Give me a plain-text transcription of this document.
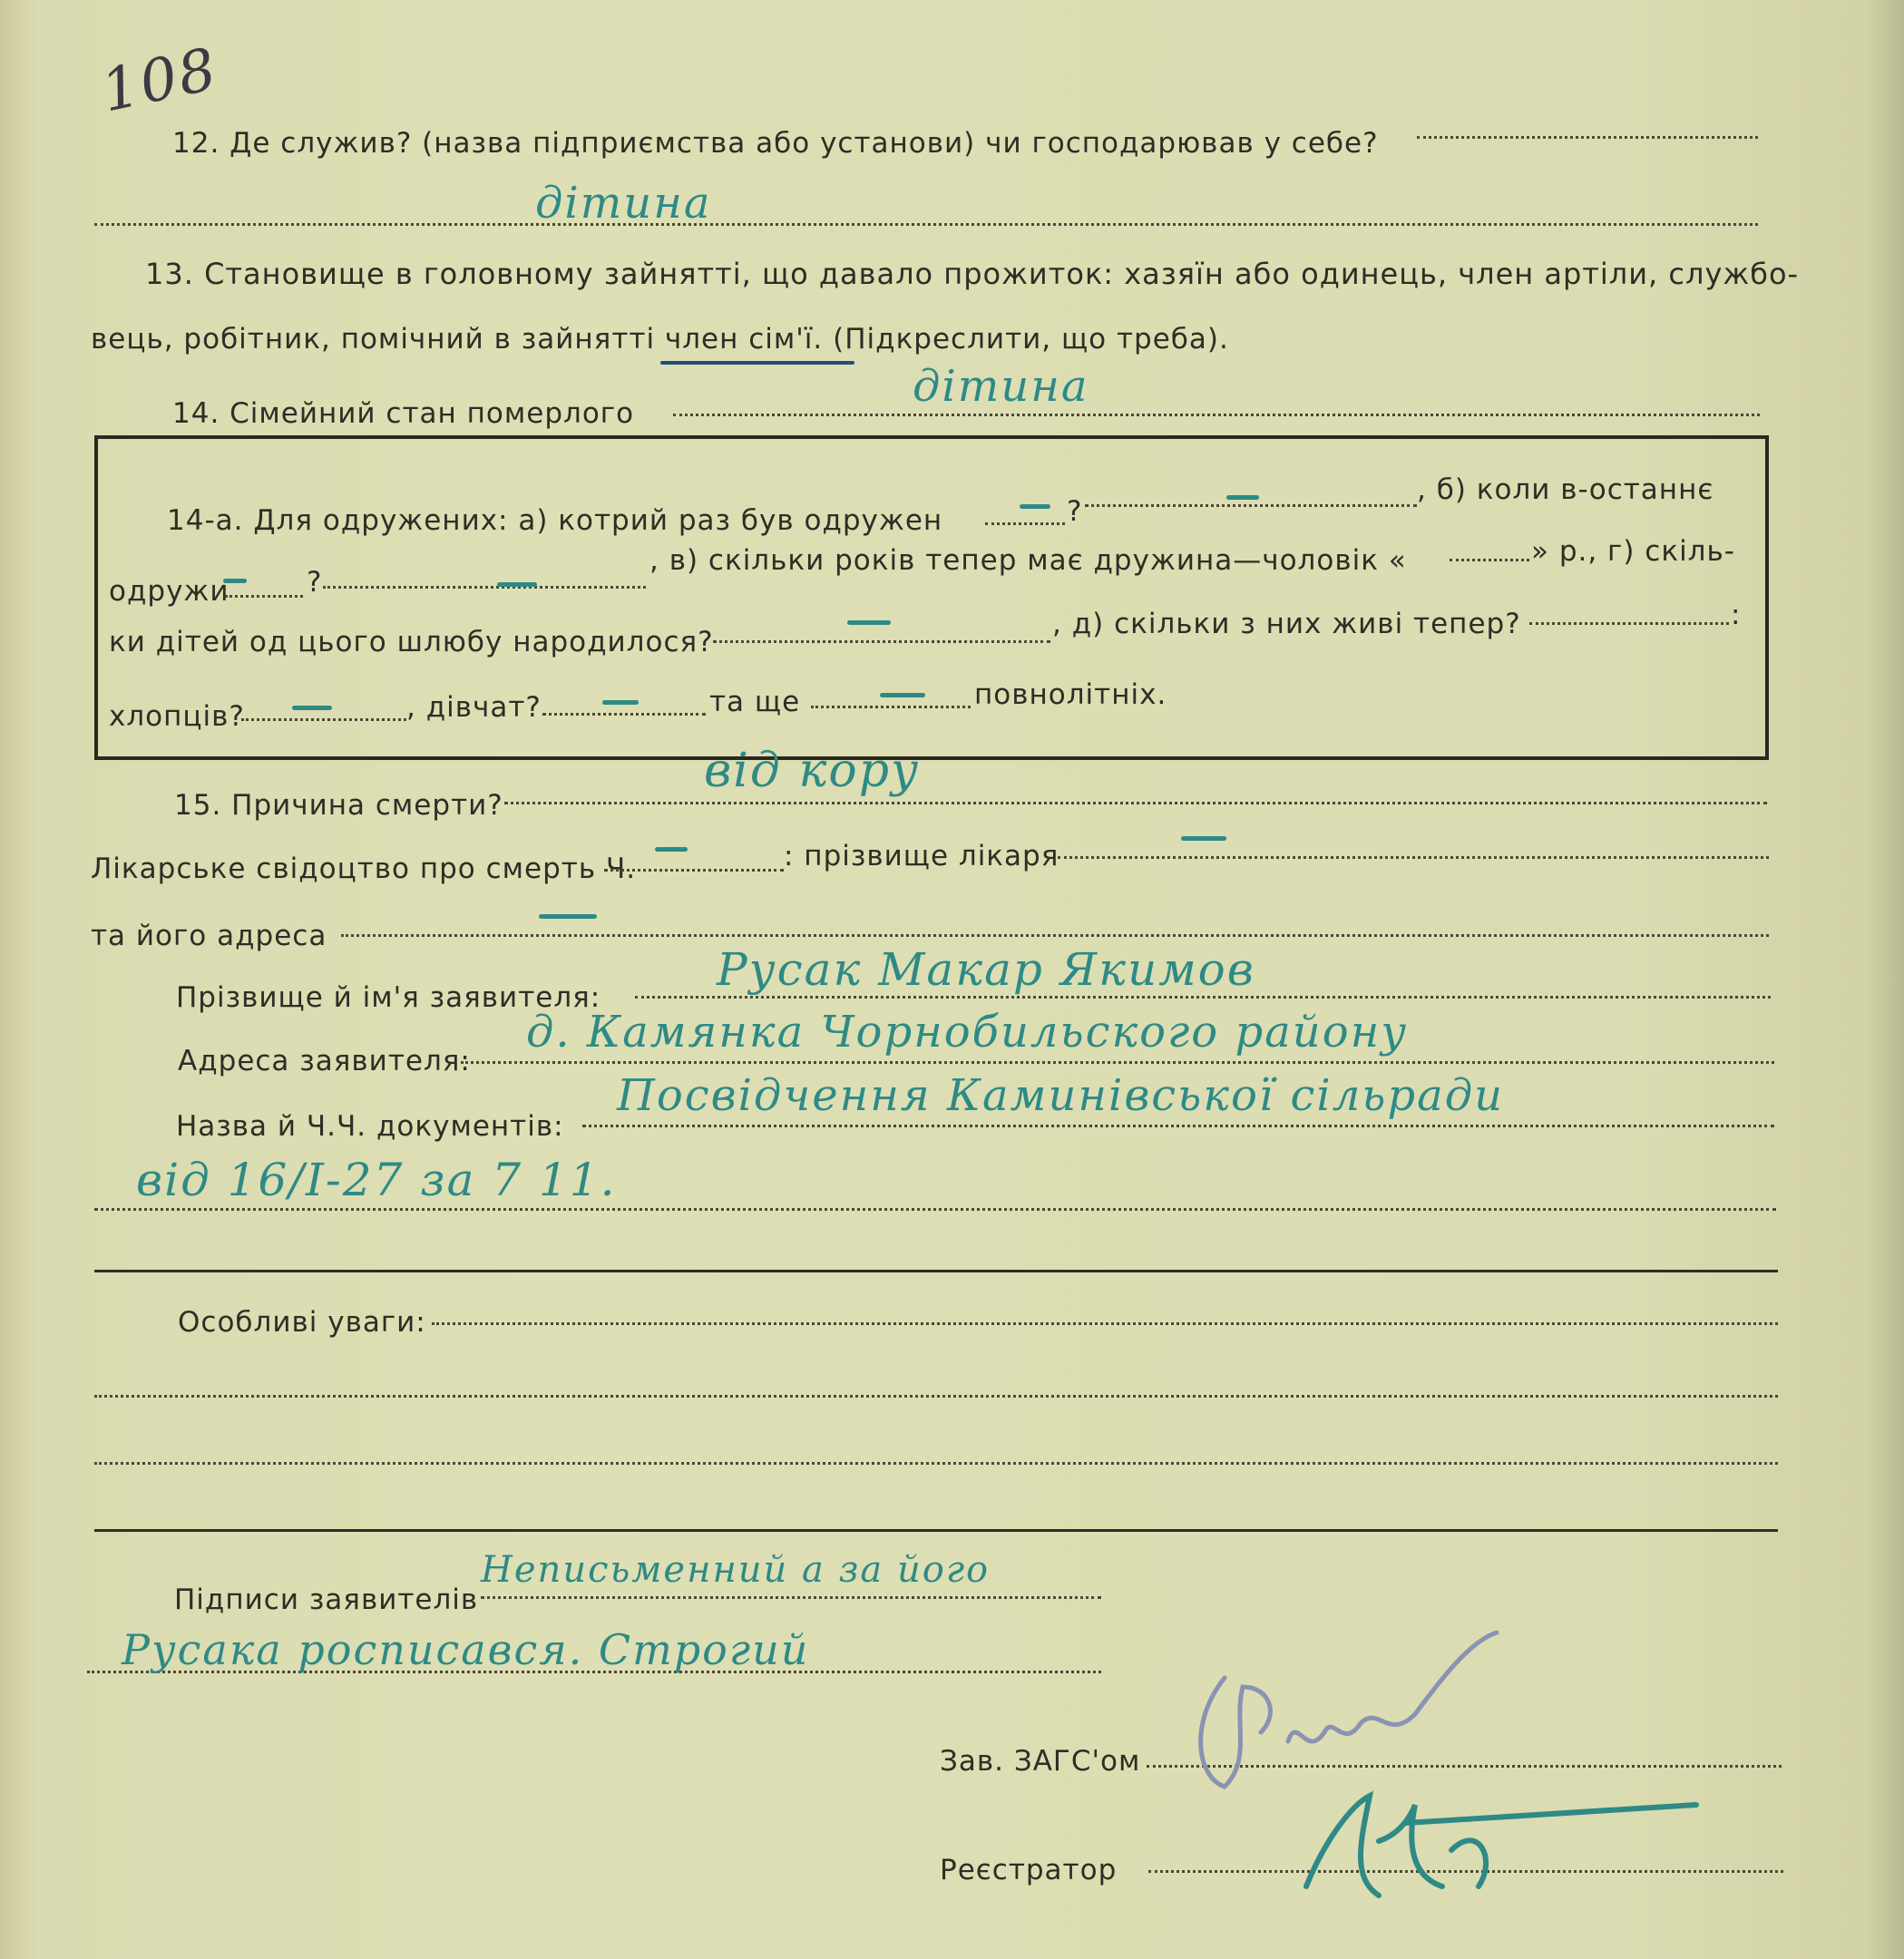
108
12. Де служив? (назва підприємства або установи) чи господарював у себе?
дітина
13. Становище в головному зайнятті, що давало прожиток: хазяїн або одинець, член артіли, службо-
вець, робітник, помічний в зайнятті член сім'ї. (Підкреслити, що треба).
14. Сімейний стан померлого
дітина
14-а. Для одружених: а) котрий раз був одружен	?
, б) коли в-останнє
одружи	?
, в) скільки років тепер має дружина—чоловік «	» р., г) скіль-
ки дітей од цього шлюбу народилося?
, д) скільки з них живі тепер?	:
хлопців?	, дівчат?	та ще	повнолітніх.
15. Причина смерти?
від кору
Лікарське свідоцтво про смерть Ч.	: прізвище лікаря
та його адреса
Прізвище й ім'я заявителя:
Русак Макар Якимов
Адреса заявителя:
д. Камянка Чорнобильского району
Назва й Ч.Ч. документів:
Посвідчення Каминівської сільради
від 16/I-27 за 7 11.
Особливі уваги:
Підписи заявителів
Неписьменний а за його
Русака росписався. Строгий
Зав. ЗАГС'ом
Реєстратор
